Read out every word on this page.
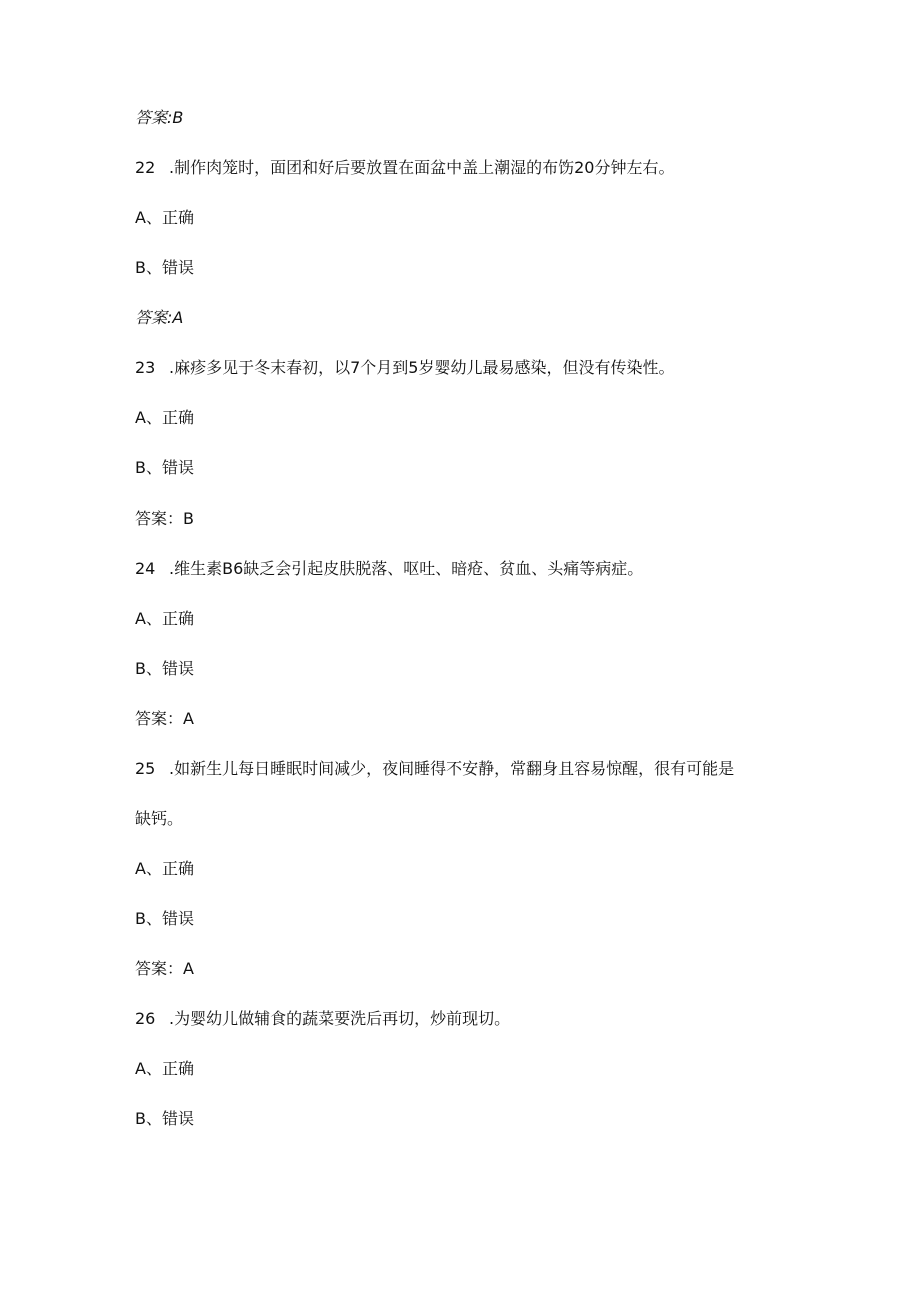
答案:B
22 .制作肉笼时，面团和好后要放置在面盆中盖上潮湿的布饬20分钟左右。
A、正确
B、错误
答案:A
23 .麻疹多见于冬末春初，以7个月到5岁婴幼儿最易感染，但没有传染性。
A、正确
B、错误
答案：B
24 .维生素B6缺乏会引起皮肤脱落、呕吐、暗疮、贫血、头痛等病症。
A、正确
B、错误
答案：A
25 .如新生儿每日睡眠时间减少，夜间睡得不安静，常翻身且容易惊醒，很有可能是
缺钙。
A、正确
B、错误
答案：A
26 .为婴幼儿做辅食的蔬菜要洗后再切，炒前现切。
A、正确
B、错误
